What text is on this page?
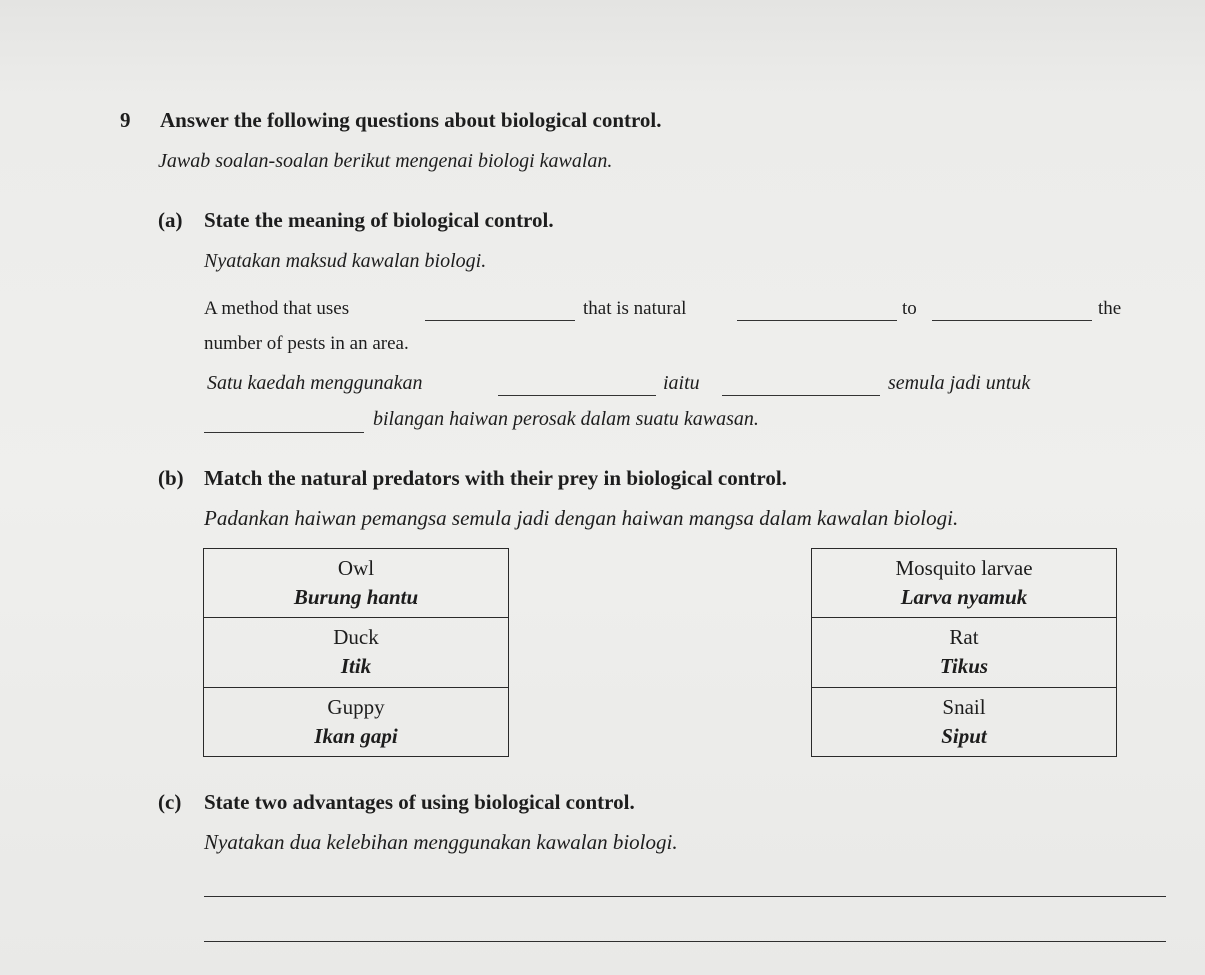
9 Answer the following questions about biological control.
Jawab soalan-soalan berikut mengenai biologi kawalan.
(a) State the meaning of biological control.
Nyatakan maksud kawalan biologi.
A method that uses	that is natural	to	the
number of pests in an area.
Satu kaedah menggunakan	iaitu	semula jadi untuk
bilangan haiwan perosak dalam suatu kawasan.
(b) Match the natural predators with their prey in biological control.
Padankan haiwan pemangsa semula jadi dengan haiwan mangsa dalam kawalan biologi.
Owl
Burung hantu
Duck
Itik
Guppy
Ikan gapi
Mosquito larvae
Larva nyamuk
Rat
Tikus
Snail
Siput
(c) State two advantages of using biological control.
Nyatakan dua kelebihan menggunakan kawalan biologi.
